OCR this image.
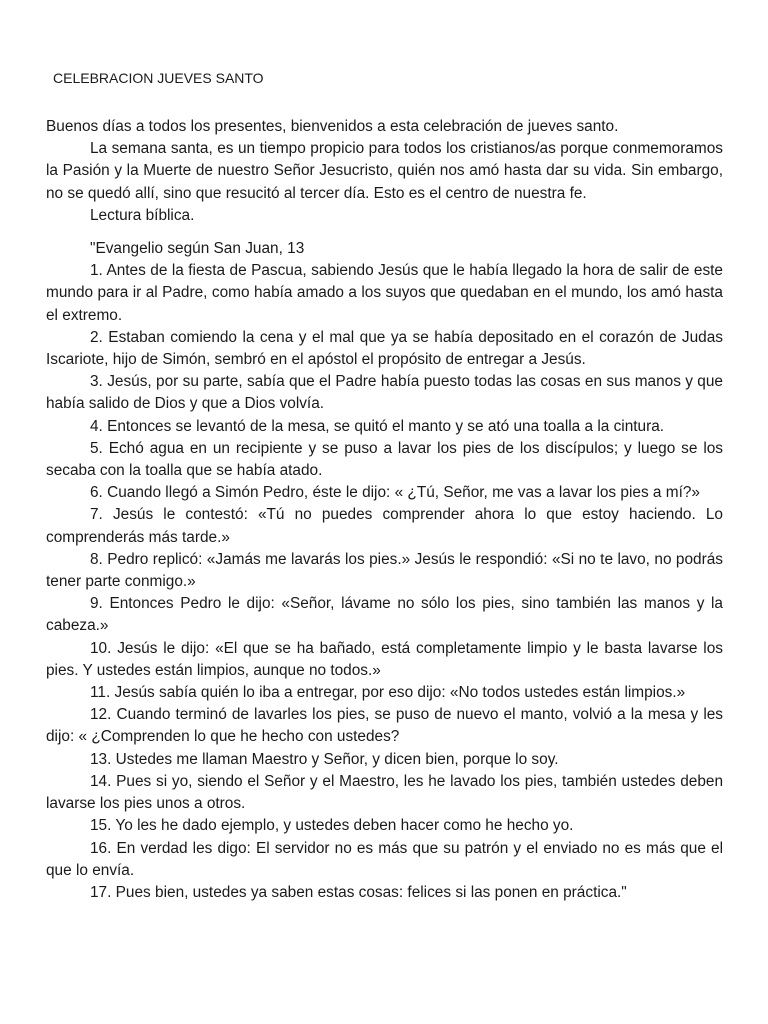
CELEBRACION JUEVES SANTO

Buenos días a todos los presentes, bienvenidos a esta celebración de jueves santo.

La semana santa, es un tiempo propicio para todos los cristianos/as porque conmemoramos la Pasión y la Muerte de nuestro Señor Jesucristo, quién nos amó hasta dar su vida. Sin embargo, no se quedó allí, sino que resucitó al tercer día. Esto es el centro de nuestra fe.

Lectura bíblica.

"Evangelio según San Juan, 13

1. Antes de la fiesta de Pascua, sabiendo Jesús que le había llegado la hora de salir de este mundo para ir al Padre, como había amado a los suyos que quedaban en el mundo, los amó hasta el extremo.

2. Estaban comiendo la cena y el mal que ya se había depositado en el corazón de Judas Iscariote, hijo de Simón, sembró en el apóstol el propósito de entregar a Jesús.

3. Jesús, por su parte, sabía que el Padre había puesto todas las cosas en sus manos y que había salido de Dios y que a Dios volvía.

4. Entonces se levantó de la mesa, se quitó el manto y se ató una toalla a la cintura.

5. Echó agua en un recipiente y se puso a lavar los pies de los discípulos; y luego se los secaba con la toalla que se había atado.

6. Cuando llegó a Simón Pedro, éste le dijo: « ¿Tú, Señor, me vas a lavar los pies a mí?»

7. Jesús le contestó: «Tú no puedes comprender ahora lo que estoy haciendo. Lo comprenderás más tarde.»

8. Pedro replicó: «Jamás me lavarás los pies.» Jesús le respondió: «Si no te lavo, no podrás tener parte conmigo.»

9. Entonces Pedro le dijo: «Señor, lávame no sólo los pies, sino también las manos y la cabeza.»

10. Jesús le dijo: «El que se ha bañado, está completamente limpio y le basta lavarse los pies. Y ustedes están limpios, aunque no todos.»

11. Jesús sabía quién lo iba a entregar, por eso dijo: «No todos ustedes están limpios.»

12. Cuando terminó de lavarles los pies, se puso de nuevo el manto, volvió a la mesa y les dijo: « ¿Comprenden lo que he hecho con ustedes?

13. Ustedes me llaman Maestro y Señor, y dicen bien, porque lo soy.

14. Pues si yo, siendo el Señor y el Maestro, les he lavado los pies, también ustedes deben lavarse los pies unos a otros.

15. Yo les he dado ejemplo, y ustedes deben hacer como he hecho yo.

16. En verdad les digo: El servidor no es más que su patrón y el enviado no es más que el que lo envía.

17. Pues bien, ustedes ya saben estas cosas: felices si las ponen en práctica."
